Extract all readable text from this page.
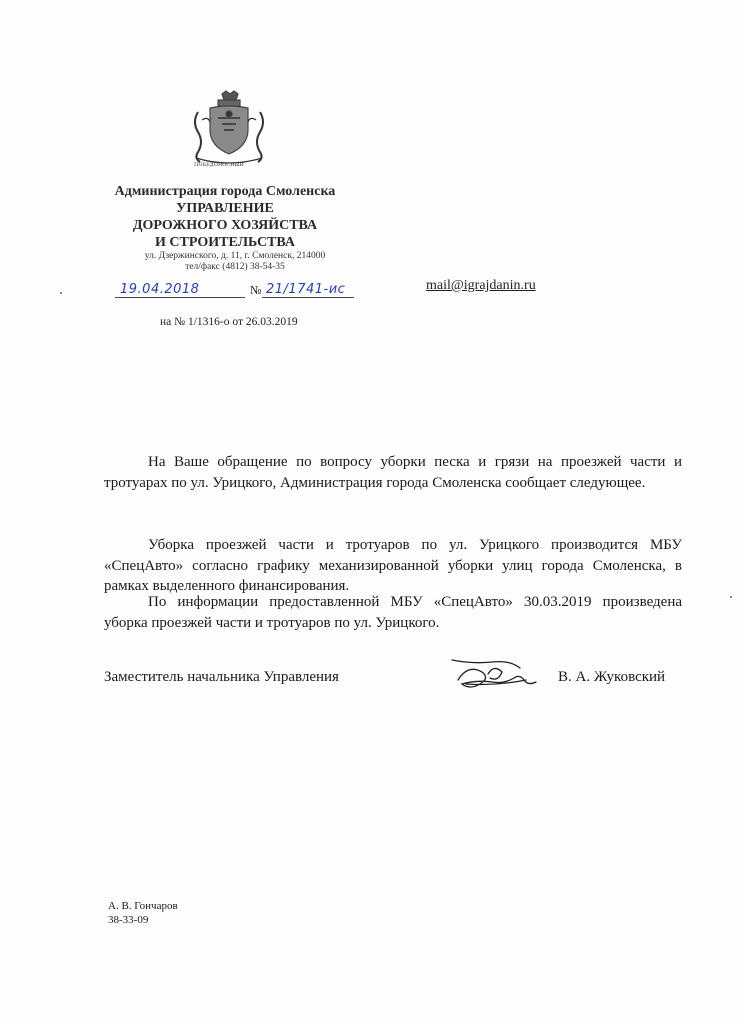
ПОБЕДОНОСНЫЙ
Администрация города Смоленска
УПРАВЛЕНИЕ
ДОРОЖНОГО ХОЗЯЙСТВА
И СТРОИТЕЛЬСТВА
ул. Дзержинского, д. 11, г. Смоленск, 214000
тел/факс (4812) 38-54-35
19.04.2018	№ 21/1741-ис	mail@igrajdanin.ru
на № 1/1316-о от 26.03.2019
На Ваше обращение по вопросу уборки песка и грязи на проезжей части и тротуарах по ул. Урицкого, Администрация города Смоленска сообщает следующее.
Уборка проезжей части и тротуаров по ул. Урицкого производится МБУ «СпецАвто» согласно графику механизированной уборки улиц города Смоленска, в рамках выделенного финансирования.
По информации предоставленной МБУ «СпецАвто» 30.03.2019 произведена уборка проезжей части и тротуаров по ул. Урицкого.
Заместитель начальника Управления	В. А. Жуковский
А. В. Гончаров
38-33-09
